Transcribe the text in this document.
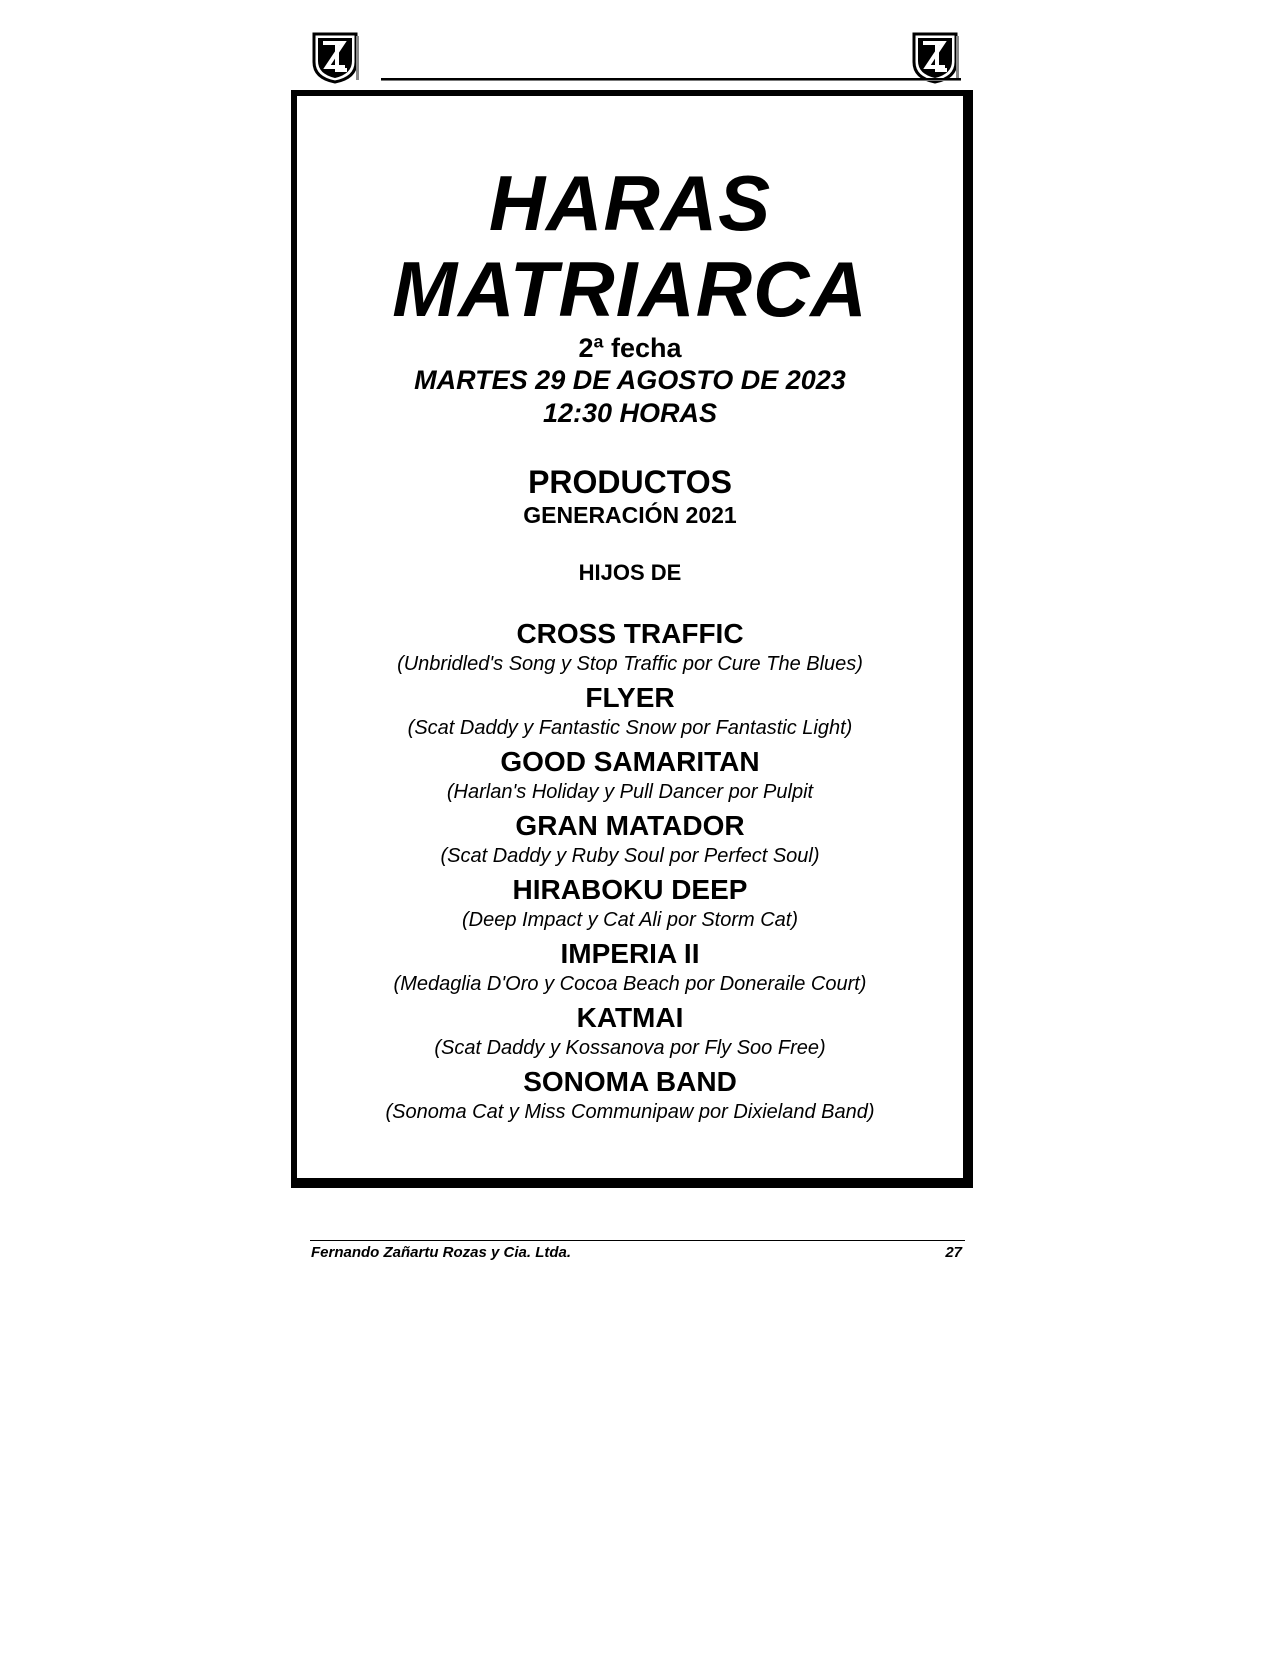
HARAS
MATRIARCA
2ª fecha
MARTES 29 DE AGOSTO DE 2023
12:30 HORAS
PRODUCTOS
GENERACIÓN 2021
HIJOS DE
CROSS TRAFFIC
(Unbridled's Song y Stop Traffic por Cure The Blues)
FLYER
(Scat Daddy y Fantastic Snow por Fantastic Light)
GOOD SAMARITAN
(Harlan's Holiday y Pull Dancer por Pulpit
GRAN MATADOR
(Scat Daddy y Ruby Soul por Perfect Soul)
HIRABOKU DEEP
(Deep Impact y Cat Ali por Storm Cat)
IMPERIA II
(Medaglia D'Oro y Cocoa Beach por Doneraile Court)
KATMAI
(Scat Daddy y Kossanova por Fly Soo Free)
SONOMA BAND
(Sonoma Cat y Miss Communipaw por Dixieland Band)
Fernando Zañartu Rozas y Cia. Ltda.	27
